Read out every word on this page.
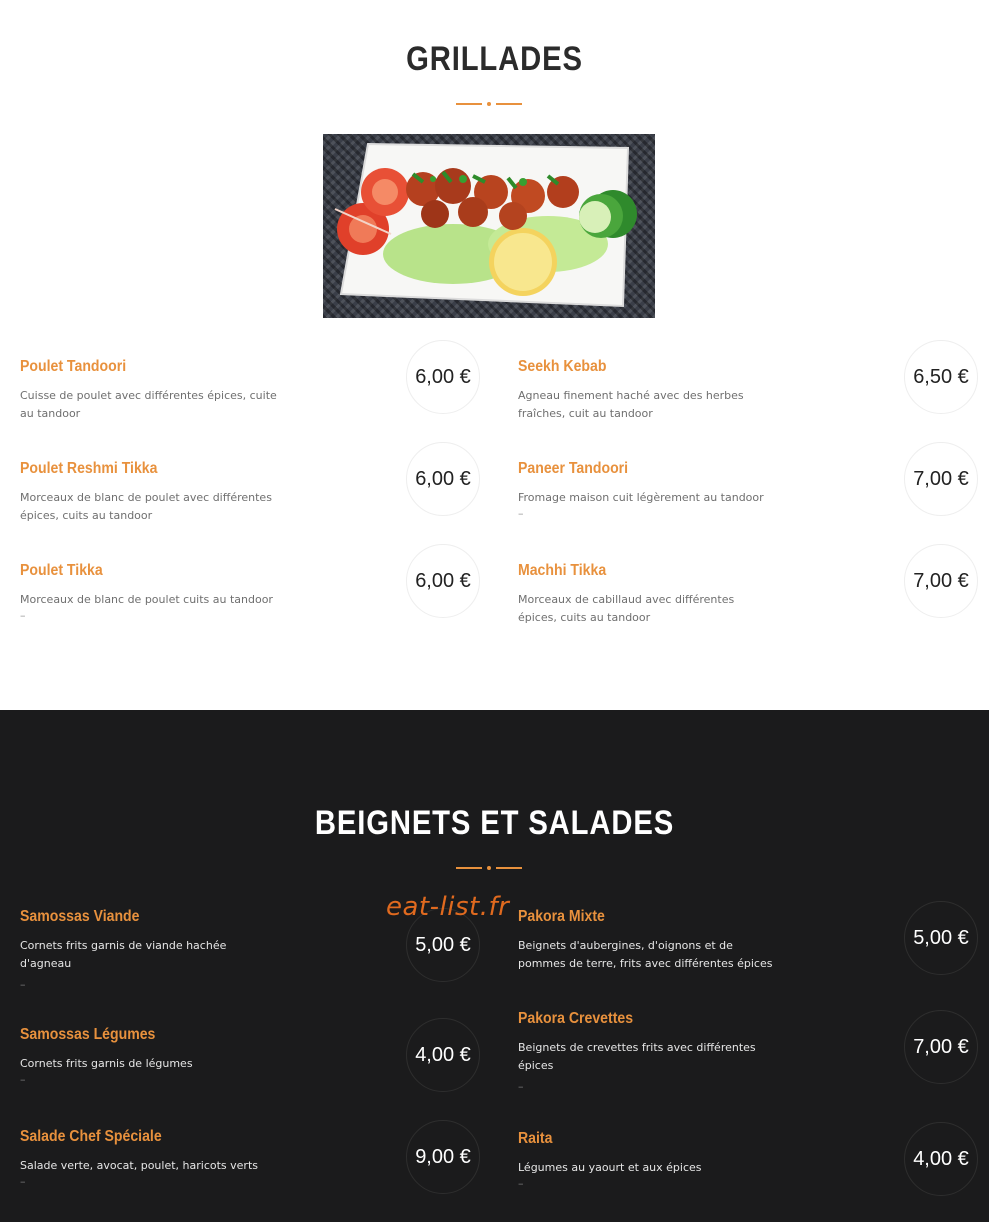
GRILLADES
Poulet Tandoori

Cuisse de poulet avec différentes épices, cuite au tandoor

6,00 €	Seekh Kebab

Agneau finement haché avec des herbes fraîches, cuit au tandoor

6,50 €
Poulet Reshmi Tikka

Morceaux de blanc de poulet avec différentes épices, cuits au tandoor

6,00 €	Paneer Tandoori

Fromage maison cuit légèrement au tandoor

–
7,00 €
Poulet Tikka

Morceaux de blanc de poulet cuits au tandoor

–
6,00 €	Machhi Tikka

Morceaux de cabillaud avec différentes épices, cuits au tandoor

7,00 €
BEIGNETS ET SALADES
Samossas Viande

Cornets frits garnis de viande hachée d'agneau

–
5,00 €
Pakora Mixte

Beignets d'aubergines, d'oignons et de pommes de terre, frits avec différentes épices

5,00 €
Samossas Légumes

Cornets frits garnis de légumes

–
4,00 €
Pakora Crevettes

Beignets de crevettes frits avec différentes épices

–
7,00 €
Salade Chef Spéciale

Salade verte, avocat, poulet, haricots verts

–
9,00 €
Raita

Légumes au yaourt et aux épices

–
4,00 €

eat-list.fr
